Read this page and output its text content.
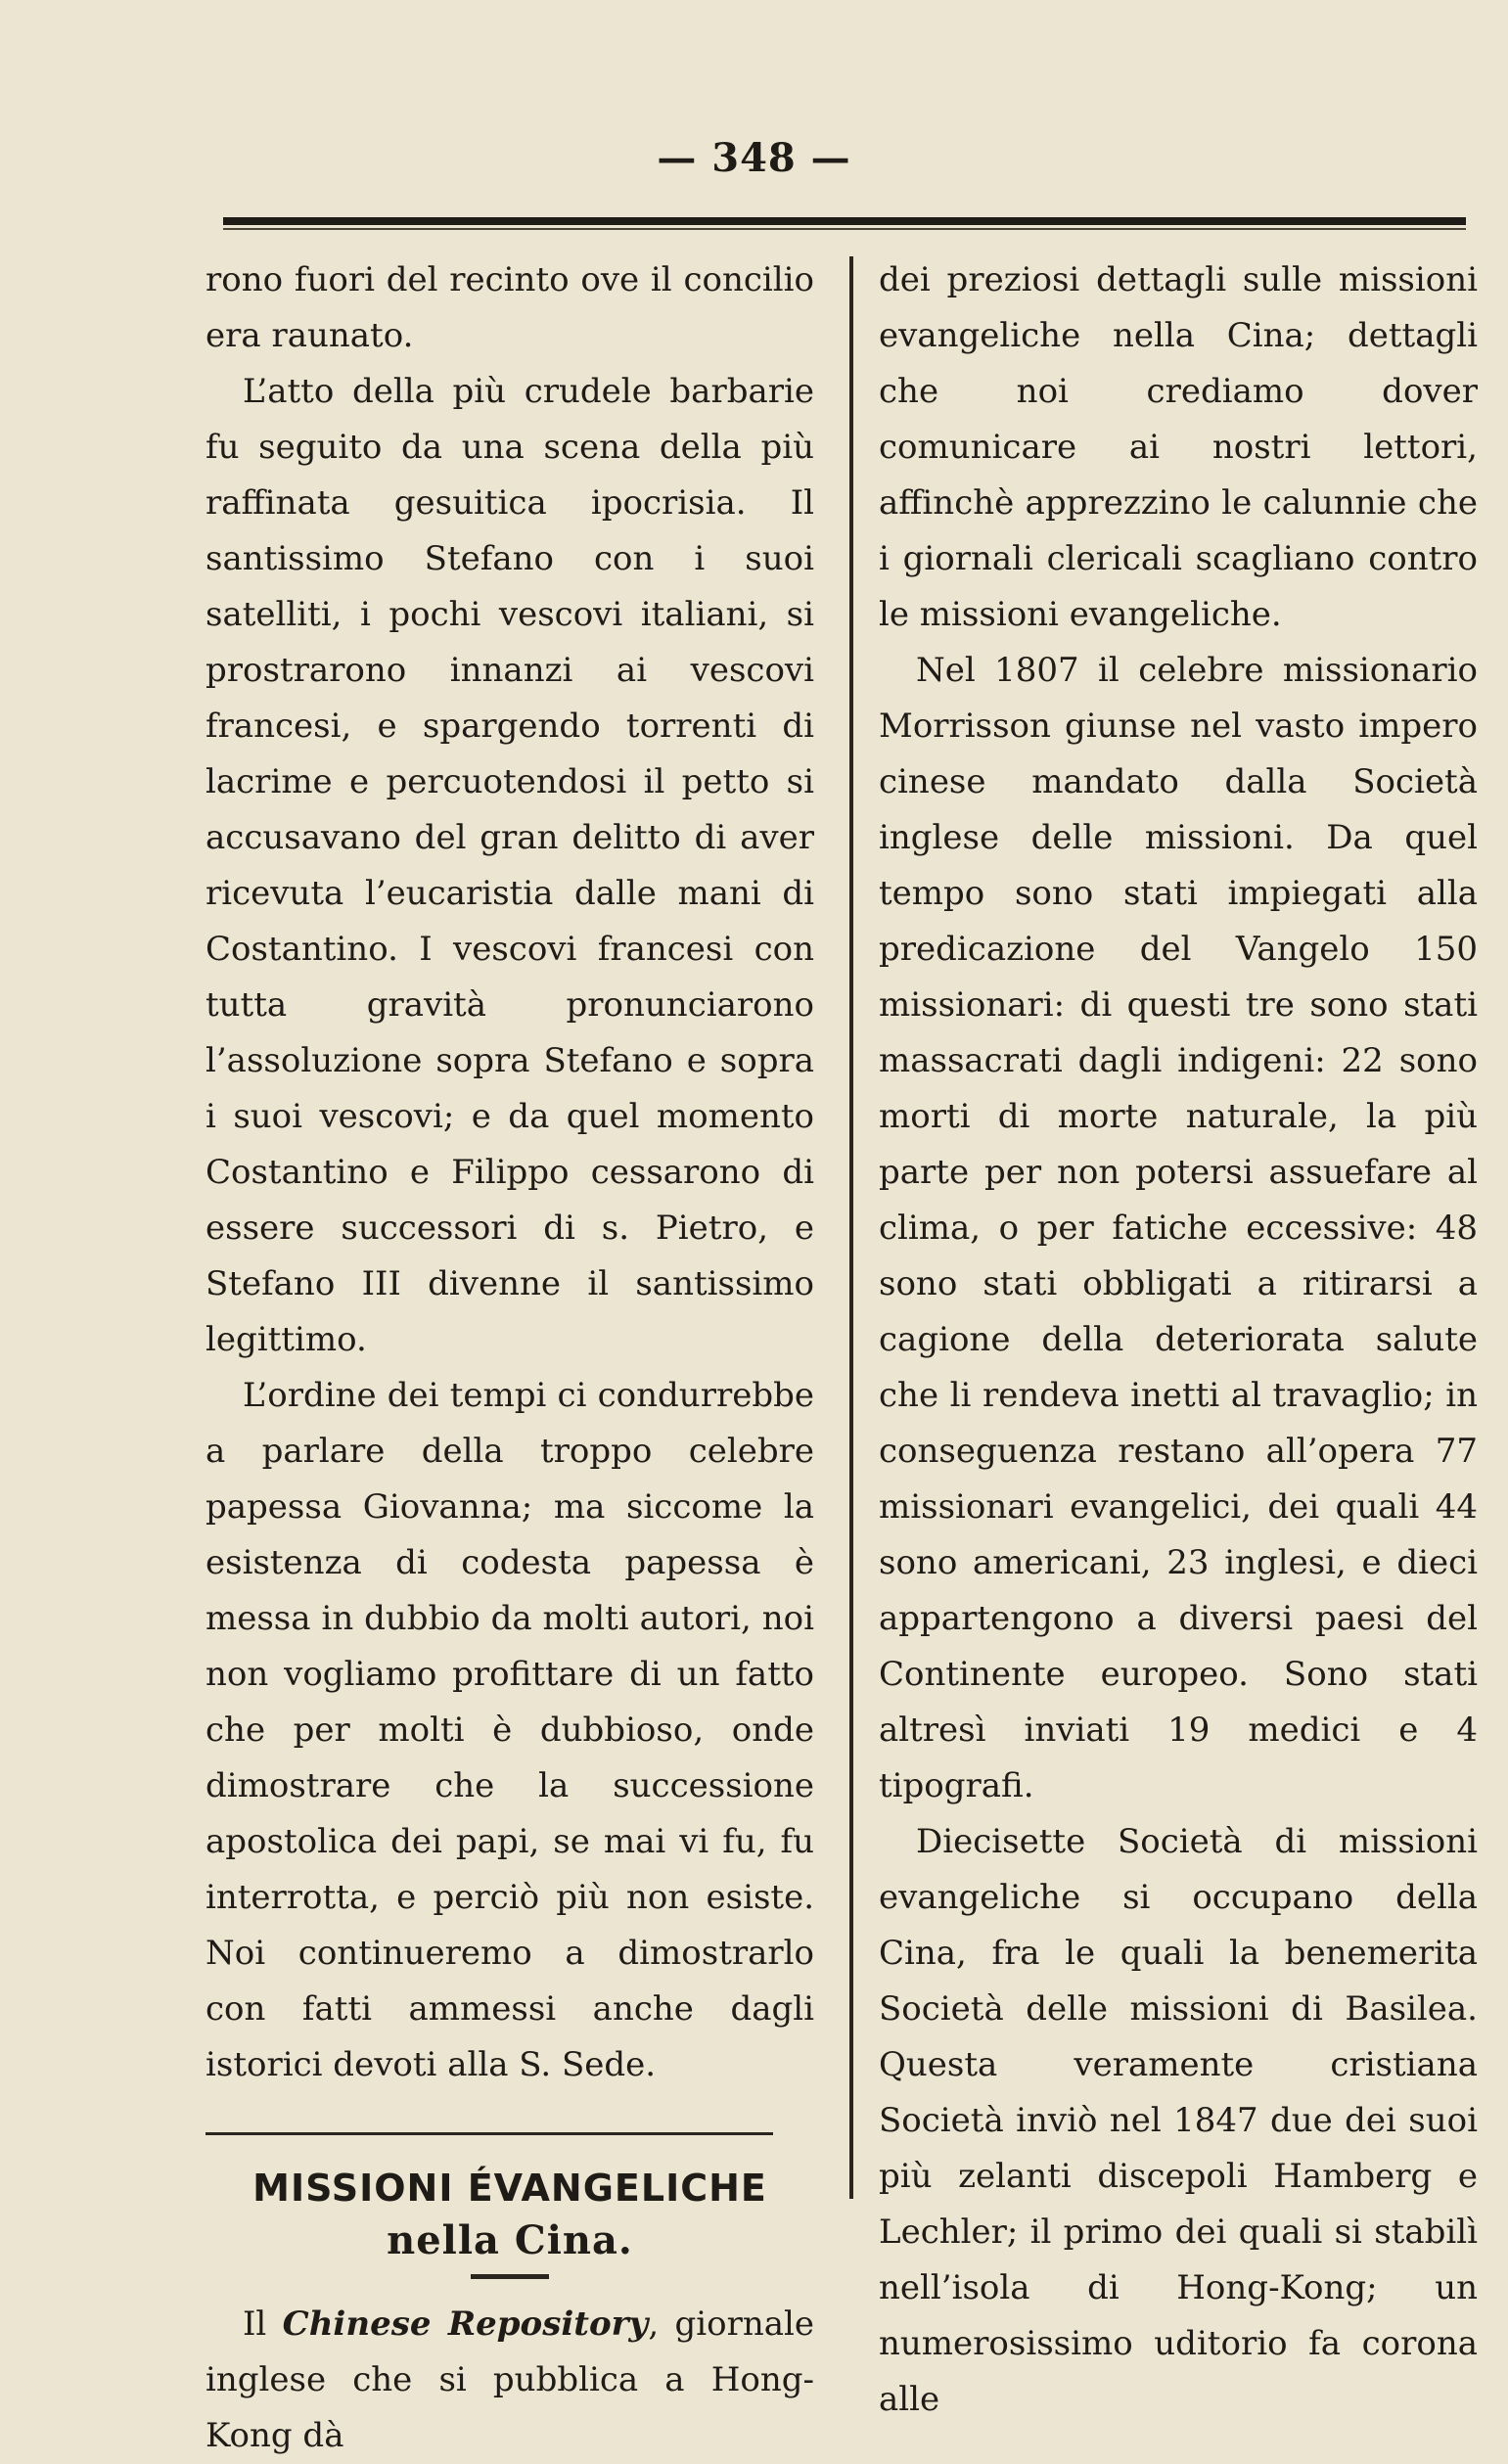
— 348 —

rono fuori del recinto ove il concilio era raunato.

L’atto della più crudele barbarie fu seguito da una scena della più raffinata gesuitica ipocrisia. Il santissimo Stefano con i suoi satelliti, i pochi vescovi italiani, si prostrarono innanzi ai vescovi francesi, e spargendo torrenti di lacrime e percuotendosi il petto si accusavano del gran delitto di aver ricevuta l’eucaristia dalle mani di Costantino. I vescovi francesi con tutta gravità pronunciarono l’assoluzione sopra Stefano e sopra i suoi vescovi; e da quel momento Costantino e Filippo cessarono di essere successori di s. Pietro, e Stefano III divenne il santissimo legittimo.

L’ordine dei tempi ci condurrebbe a parlare della troppo celebre papessa Giovanna; ma siccome la esistenza di codesta papessa è messa in dubbio da molti autori, noi non vogliamo profittare di un fatto che per molti è dubbioso, onde dimostrare che la successione apostolica dei papi, se mai vi fu, fu interrotta, e perciò più non esiste. Noi continueremo a dimostrarlo con fatti ammessi anche dagli istorici devoti alla S. Sede.

MISSIONI ÉVANGELICHE
nella Cina.

Il Chinese Repository, giornale inglese che si pubblica a Hong-Kong dà

dei preziosi dettagli sulle missioni evangeliche nella Cina; dettagli che noi crediamo dover comunicare ai nostri lettori, affinchè apprezzino le calunnie che i giornali clericali scagliano contro le missioni evangeliche.

Nel 1807 il celebre missionario Morrisson giunse nel vasto impero cinese mandato dalla Società inglese delle missioni. Da quel tempo sono stati impiegati alla predicazione del Vangelo 150 missionari: di questi tre sono stati massacrati dagli indigeni: 22 sono morti di morte naturale, la più parte per non potersi assuefare al clima, o per fatiche eccessive: 48 sono stati obbligati a ritirarsi a cagione della deteriorata salute che li rendeva inetti al travaglio; in conseguenza restano all’opera 77 missionari evangelici, dei quali 44 sono americani, 23 inglesi, e dieci appartengono a diversi paesi del Continente europeo. Sono stati altresì inviati 19 medici e 4 tipografi.

Diecisette Società di missioni evangeliche si occupano della Cina, fra le quali la benemerita Società delle missioni di Basilea. Questa veramente cristiana Società inviò nel 1847 due dei suoi più zelanti discepoli Hamberg e Lechler; il primo dei quali si stabilì nell’isola di Hong-Kong; un numerosissimo uditorio fa corona alle
